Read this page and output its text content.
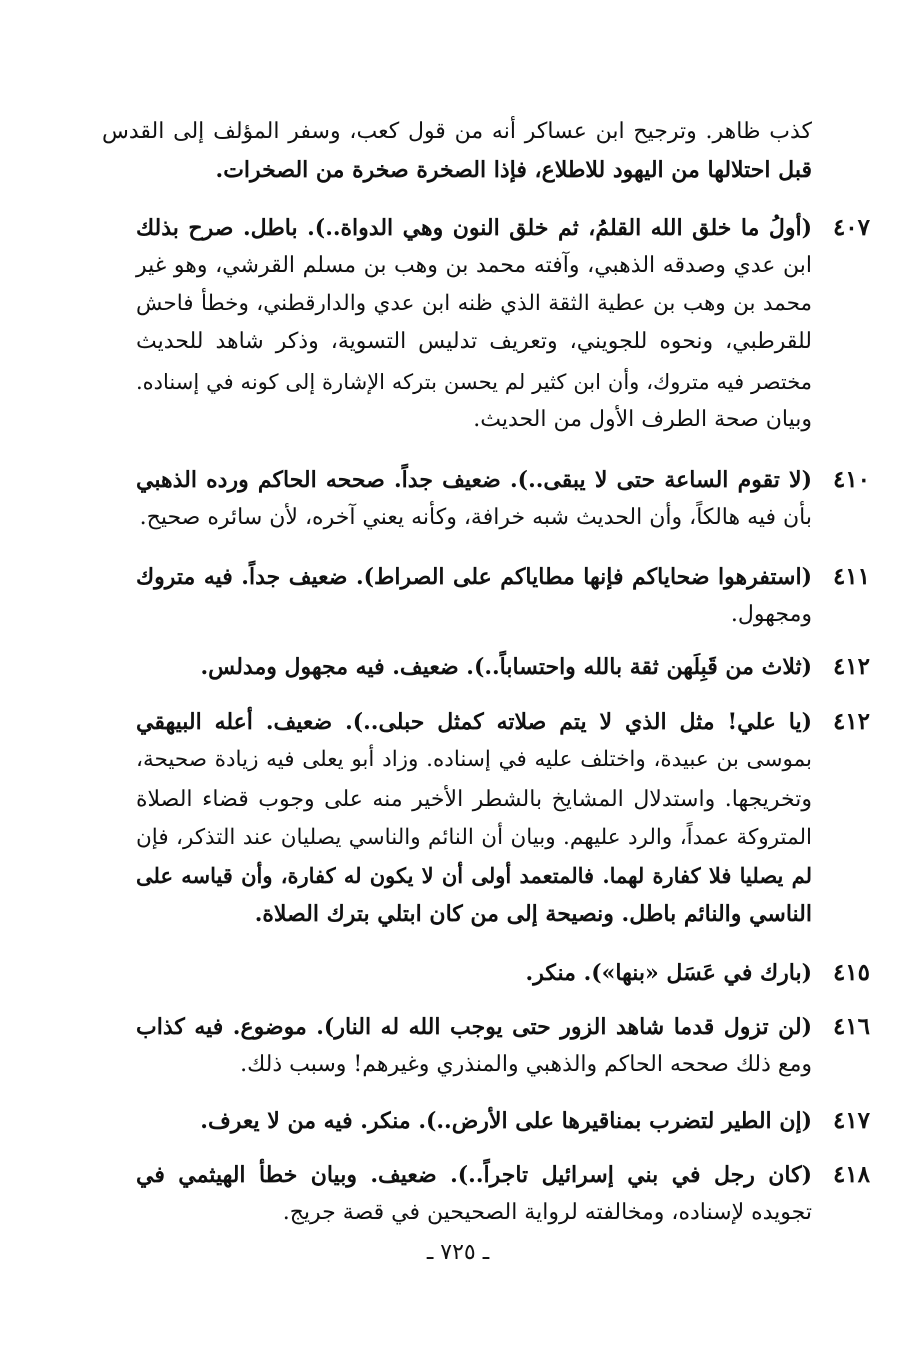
كذب ظاهر. وترجيح ابن عساكر أنه من قول كعب، وسفر المؤلف إلى القدس
قبل احتلالها من اليهود للاطلاع، فإذا الصخرة صخرة من الصخرات.
٤٠٧
(أولُ ما خلق الله القلمُ، ثم خلق النون وهي الدواة..). باطل. صرح بذلك
ابن عدي وصدقه الذهبي، وآفته محمد بن وهب بن مسلم القرشي، وهو غير
محمد بن وهب بن عطية الثقة الذي ظنه ابن عدي والدارقطني، وخطأ فاحش
للقرطبي، ونحوه للجويني، وتعريف تدليس التسوية، وذكر شاهد للحديث
مختصر فيه متروك، وأن ابن كثير لم يحسن بتركه الإشارة إلى كونه في إسناده.
وبيان صحة الطرف الأول من الحديث.
٤١٠
(لا تقوم الساعة حتى لا يبقى..). ضعيف جداً. صححه الحاكم ورده الذهبي
بأن فيه هالكاً، وأن الحديث شبه خرافة، وكأنه يعني آخره، لأن سائره صحيح.
٤١١
(استفرهوا ضحاياكم فإنها مطاياكم على الصراط). ضعيف جداً. فيه متروك
ومجهول.
٤١٢
(ثلاث من قَبِلَهن ثقة بالله واحتساباً..). ضعيف. فيه مجهول ومدلس.
٤١٢
(يا علي! مثل الذي لا يتم صلاته كمثل حبلى..). ضعيف. أعله البيهقي
بموسى بن عبيدة، واختلف عليه في إسناده. وزاد أبو يعلى فيه زيادة صحيحة،
وتخريجها. واستدلال المشايخ بالشطر الأخير منه على وجوب قضاء الصلاة
المتروكة عمداً، والرد عليهم. وبيان أن النائم والناسي يصليان عند التذكر، فإن
لم يصليا فلا كفارة لهما. فالمتعمد أولى أن لا يكون له كفارة، وأن قياسه على
الناسي والنائم باطل. ونصيحة إلى من كان ابتلي بترك الصلاة.
٤١٥
(بارك في عَسَل «بنها»). منكر.
٤١٦
(لن تزول قدما شاهد الزور حتى يوجب الله له النار). موضوع. فيه كذاب
ومع ذلك صححه الحاكم والذهبي والمنذري وغيرهم! وسبب ذلك.
٤١٧
(إن الطير لتضرب بمناقيرها على الأرض..). منكر. فيه من لا يعرف.
٤١٨
(كان رجل في بني إسرائيل تاجراً..). ضعيف. وبيان خطأ الهيثمي في
تجويده لإسناده، ومخالفته لرواية الصحيحين في قصة جريج.
ـ ٧٢٥ ـ
